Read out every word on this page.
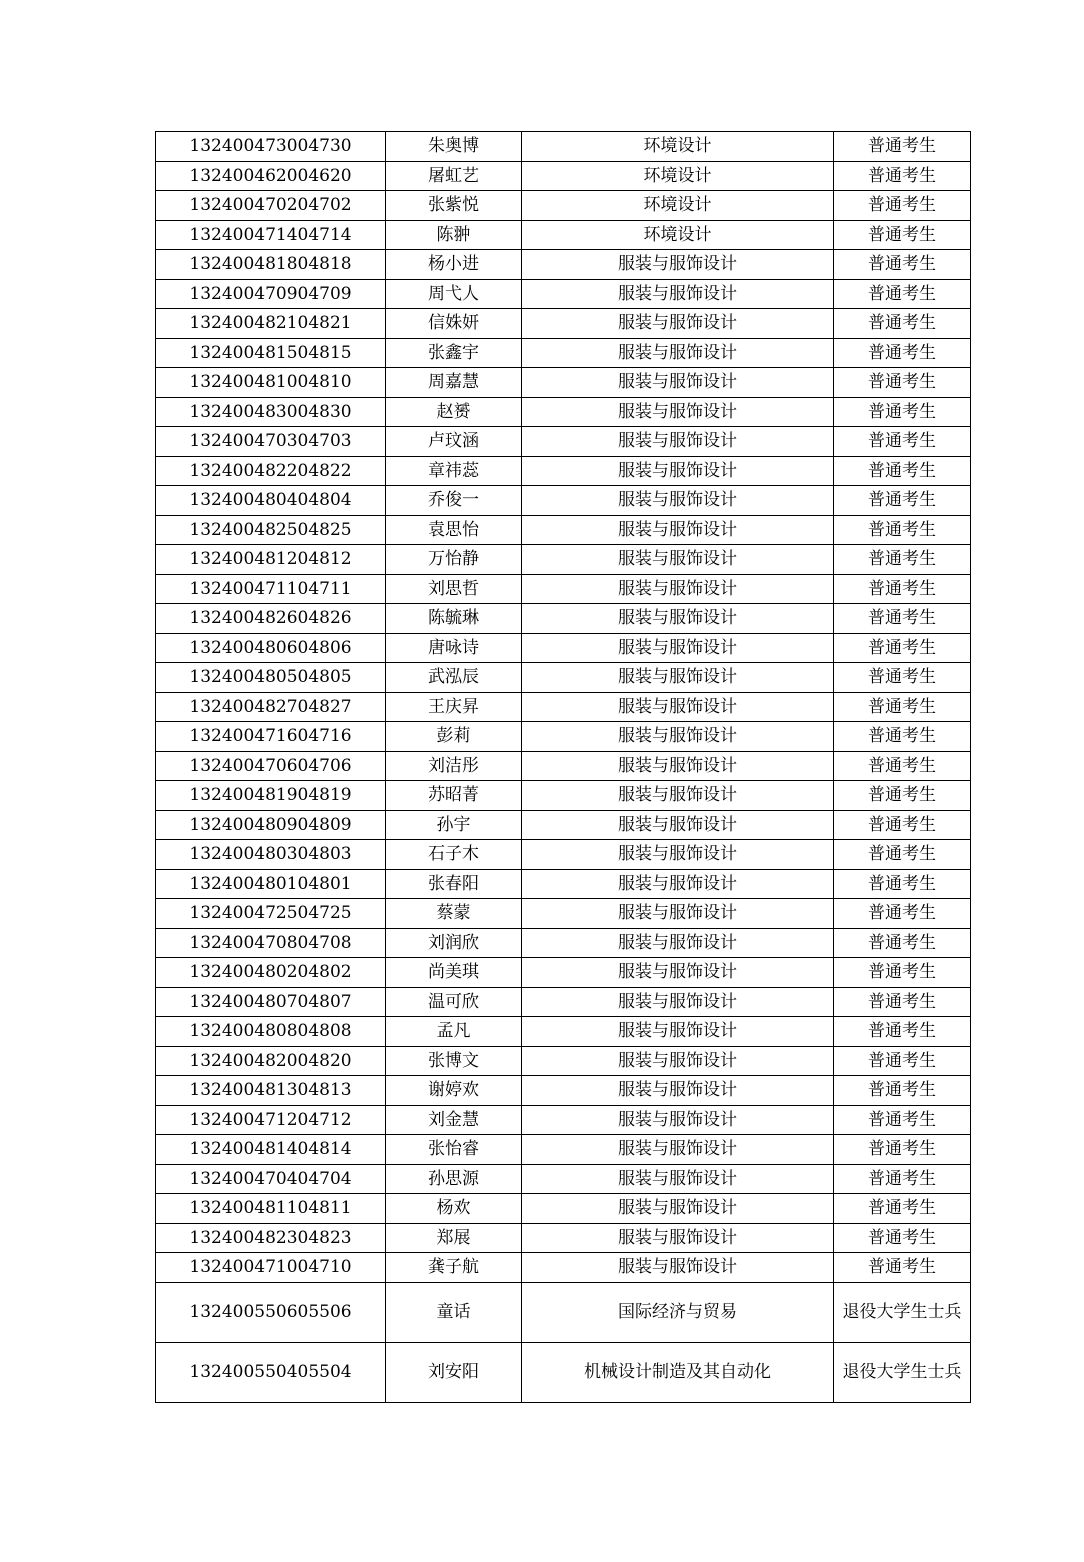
132400473004730	朱奥博	环境设计	普通考生
132400462004620	屠虹艺	环境设计	普通考生
132400470204702	张紫悦	环境设计	普通考生
132400471404714	陈翀	环境设计	普通考生
132400481804818	杨小进	服装与服饰设计	普通考生
132400470904709	周弋人	服装与服饰设计	普通考生
132400482104821	信姝妍	服装与服饰设计	普通考生
132400481504815	张鑫宇	服装与服饰设计	普通考生
132400481004810	周嘉慧	服装与服饰设计	普通考生
132400483004830	赵赟	服装与服饰设计	普通考生
132400470304703	卢玟涵	服装与服饰设计	普通考生
132400482204822	章祎蕊	服装与服饰设计	普通考生
132400480404804	乔俊一	服装与服饰设计	普通考生
132400482504825	袁思怡	服装与服饰设计	普通考生
132400481204812	万怡静	服装与服饰设计	普通考生
132400471104711	刘思哲	服装与服饰设计	普通考生
132400482604826	陈毓琳	服装与服饰设计	普通考生
132400480604806	唐咏诗	服装与服饰设计	普通考生
132400480504805	武泓辰	服装与服饰设计	普通考生
132400482704827	王庆昇	服装与服饰设计	普通考生
132400471604716	彭莉	服装与服饰设计	普通考生
132400470604706	刘洁彤	服装与服饰设计	普通考生
132400481904819	苏昭菁	服装与服饰设计	普通考生
132400480904809	孙宇	服装与服饰设计	普通考生
132400480304803	石子木	服装与服饰设计	普通考生
132400480104801	张春阳	服装与服饰设计	普通考生
132400472504725	蔡蒙	服装与服饰设计	普通考生
132400470804708	刘润欣	服装与服饰设计	普通考生
132400480204802	尚美琪	服装与服饰设计	普通考生
132400480704807	温可欣	服装与服饰设计	普通考生
132400480804808	孟凡	服装与服饰设计	普通考生
132400482004820	张博文	服装与服饰设计	普通考生
132400481304813	谢婷欢	服装与服饰设计	普通考生
132400471204712	刘金慧	服装与服饰设计	普通考生
132400481404814	张怡睿	服装与服饰设计	普通考生
132400470404704	孙思源	服装与服饰设计	普通考生
132400481104811	杨欢	服装与服饰设计	普通考生
132400482304823	郑展	服装与服饰设计	普通考生
132400471004710	龚子航	服装与服饰设计	普通考生
132400550605506	童话	国际经济与贸易	退役大学生士兵
132400550405504	刘安阳	机械设计制造及其自动化	退役大学生士兵
